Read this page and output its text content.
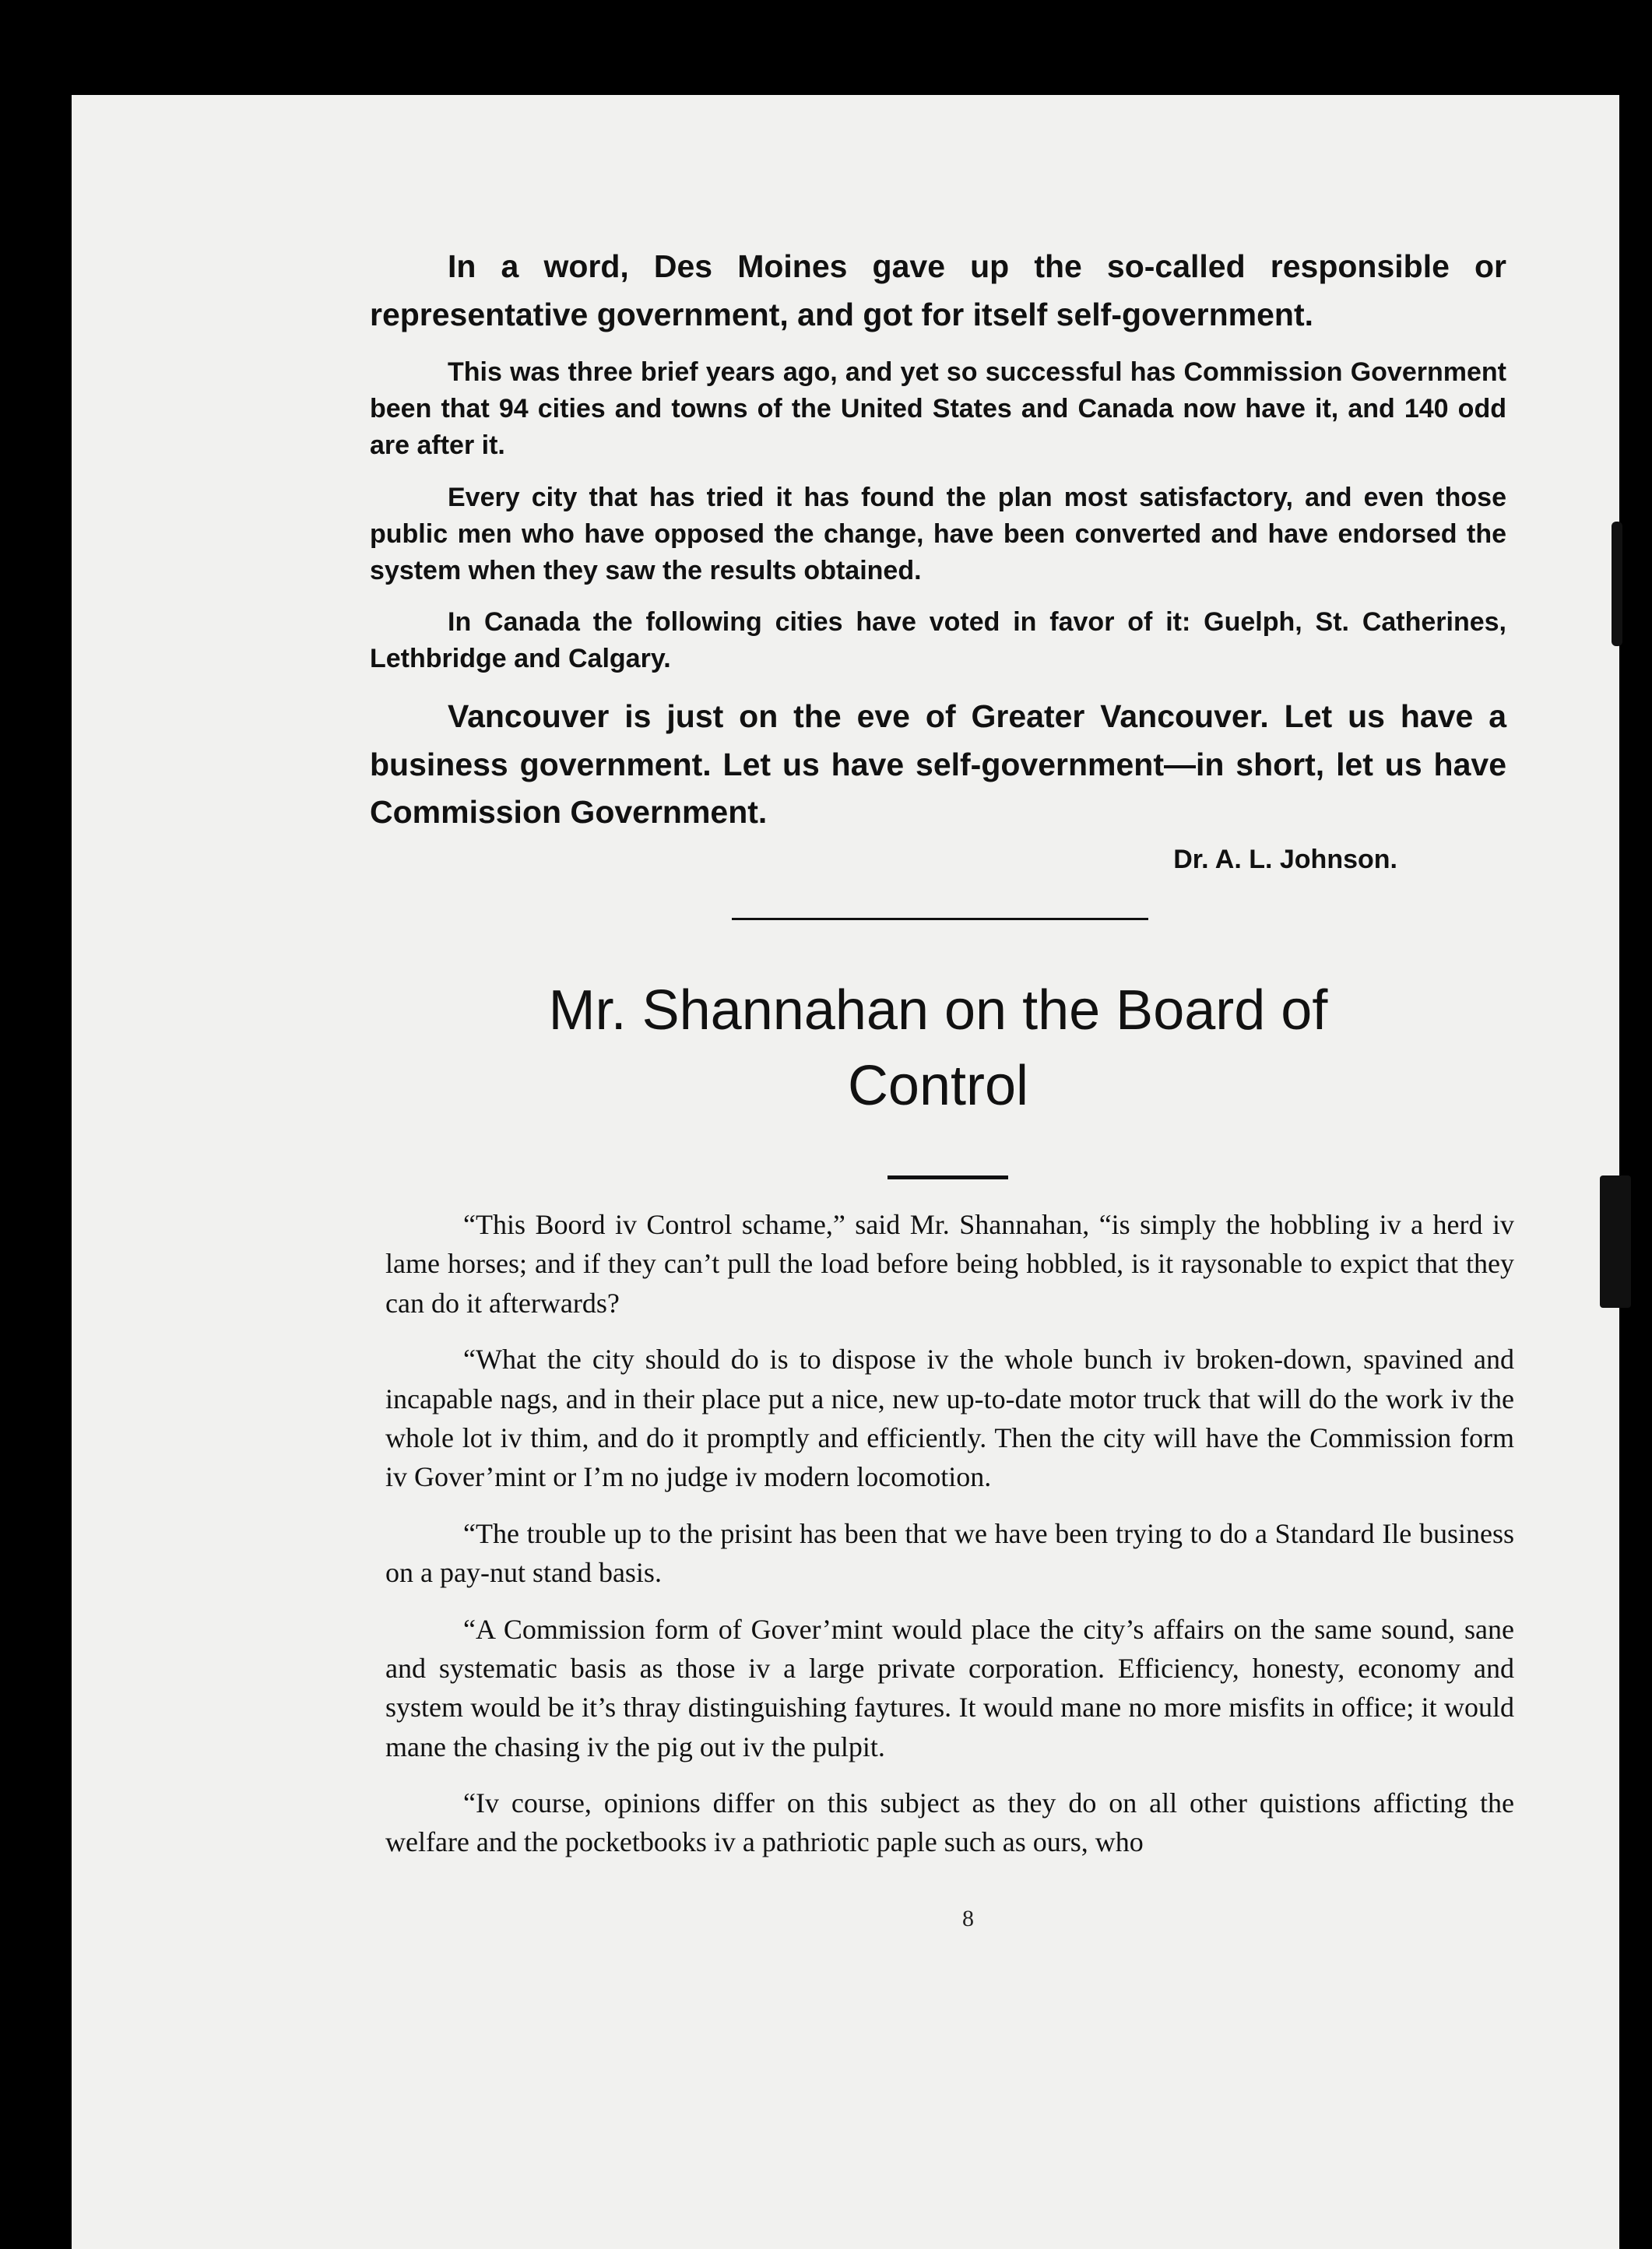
In a word, Des Moines gave up the so-called responsible or representative government, and got for itself self-government.

This was three brief years ago, and yet so successful has Commission Government been that 94 cities and towns of the United States and Canada now have it, and 140 odd are after it.

Every city that has tried it has found the plan most satisfactory, and even those public men who have opposed the change, have been converted and have endorsed the system when they saw the results obtained.

In Canada the following cities have voted in favor of it: Guelph, St. Catherines, Lethbridge and Calgary.

Vancouver is just on the eve of Greater Vancouver. Let us have a business government. Let us have self-government—in short, let us have Commission Government.

Dr. A. L. Johnson.

Mr. Shannahan on the Board of
Control

“This Boord iv Control schame,” said Mr. Shannahan, “is simply the hobbling iv a herd iv lame horses; and if they can’t pull the load before being hobbled, is it raysonable to expict that they can do it afterwards?

“What the city should do is to dispose iv the whole bunch iv broken-down, spavined and incapable nags, and in their place put a nice, new up-to-date motor truck that will do the work iv the whole lot iv thim, and do it promptly and efficiently. Then the city will have the Commission form iv Gover’mint or I’m no judge iv modern locomotion.

“The trouble up to the prisint has been that we have been trying to do a Standard Ile business on a pay-nut stand basis.

“A Commission form of Gover’mint would place the city’s affairs on the same sound, sane and systematic basis as those iv a large private corporation. Efficiency, honesty, economy and system would be it’s thray distinguishing faytures. It would mane no more misfits in office; it would mane the chasing iv the pig out iv the pulpit.

“Iv course, opinions differ on this subject as they do on all other quistions afficting the welfare and the pocketbooks iv a pathriotic paple such as ours, who

8
